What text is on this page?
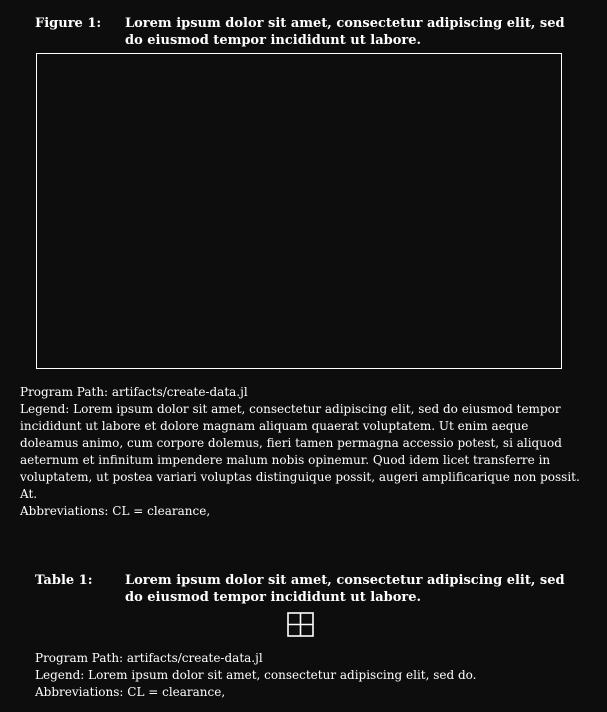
Figure 1:	Lorem ipsum dolor sit amet, consectetur adipiscing elit, sed do eiusmod tempor incididunt ut labore.
Program Path: artifacts/create-data.jl
Legend: Lorem ipsum dolor sit amet, consectetur adipiscing elit, sed do eiusmod tempor incididunt ut labore et dolore magnam aliquam quaerat voluptatem. Ut enim aeque doleamus animo, cum corpore dolemus, fieri tamen permagna accessio potest, si aliquod aeternum et infinitum impendere malum nobis opinemur. Quod idem licet transferre in voluptatem, ut postea variari voluptas distinguique possit, augeri amplificarique non possit. At.
Abbreviations: CL = clearance,
Table 1:	Lorem ipsum dolor sit amet, consectetur adipiscing elit, sed do eiusmod tempor incididunt ut labore.
Program Path: artifacts/create-data.jl
Legend: Lorem ipsum dolor sit amet, consectetur adipiscing elit, sed do.
Abbreviations: CL = clearance,
